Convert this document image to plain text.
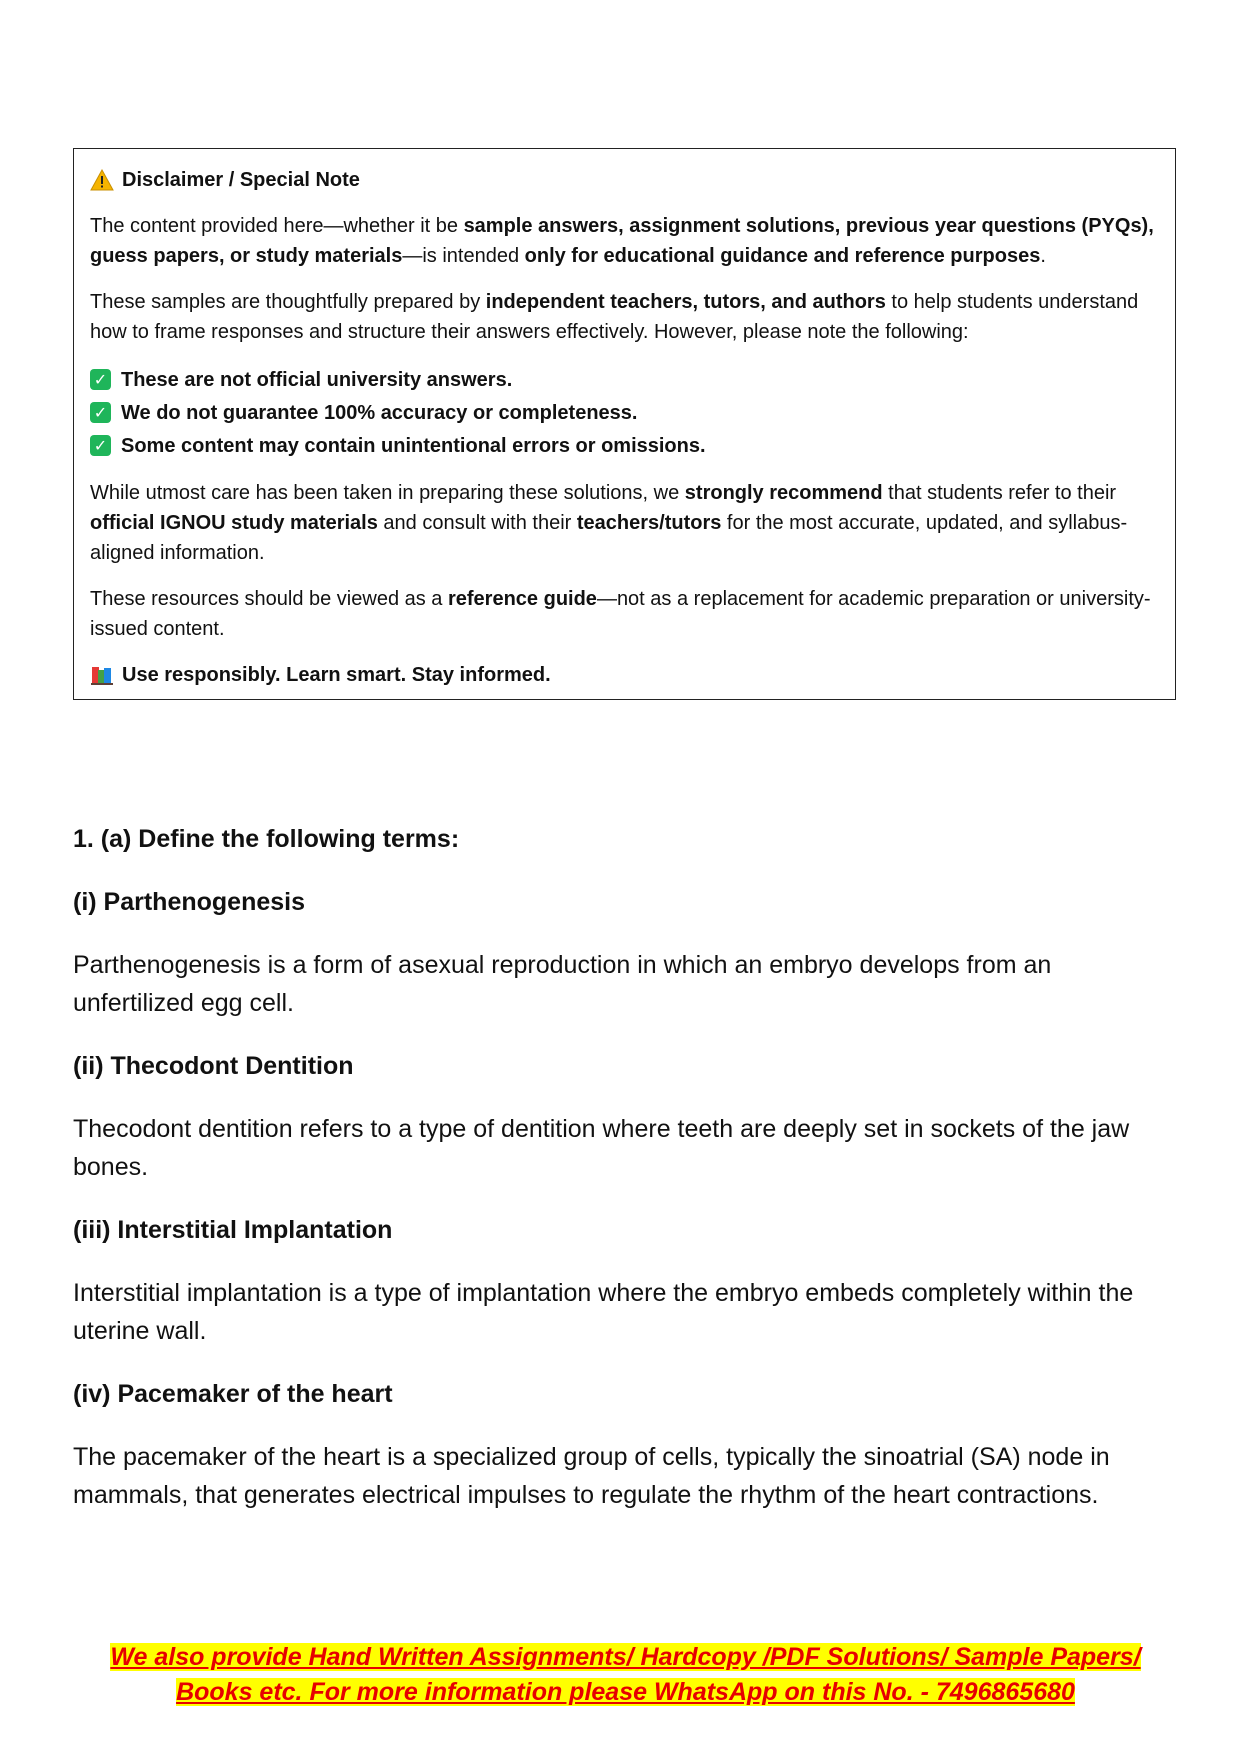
Disclaimer / Special Note

The content provided here—whether it be sample answers, assignment solutions, previous year questions (PYQs), guess papers, or study materials—is intended only for educational guidance and reference purposes.

These samples are thoughtfully prepared by independent teachers, tutors, and authors to help students understand how to frame responses and structure their answers effectively. However, please note the following:

✓ These are not official university answers.
✓ We do not guarantee 100% accuracy or completeness.
✓ Some content may contain unintentional errors or omissions.

While utmost care has been taken in preparing these solutions, we strongly recommend that students refer to their official IGNOU study materials and consult with their teachers/tutors for the most accurate, updated, and syllabus-aligned information.

These resources should be viewed as a reference guide—not as a replacement for academic preparation or university-issued content.

Use responsibly. Learn smart. Stay informed.
1. (a) Define the following terms:
(i) Parthenogenesis

Parthenogenesis is a form of asexual reproduction in which an embryo develops from an unfertilized egg cell.

(ii) Thecodont Dentition

Thecodont dentition refers to a type of dentition where teeth are deeply set in sockets of the jaw bones.

(iii) Interstitial Implantation

Interstitial implantation is a type of implantation where the embryo embeds completely within the uterine wall.

(iv) Pacemaker of the heart

The pacemaker of the heart is a specialized group of cells, typically the sinoatrial (SA) node in mammals, that generates electrical impulses to regulate the rhythm of the heart contractions.

We also provide Hand Written Assignments/ Hardcopy /PDF Solutions/ Sample Papers/
Books etc. For more information please WhatsApp on this No. - 7496865680
